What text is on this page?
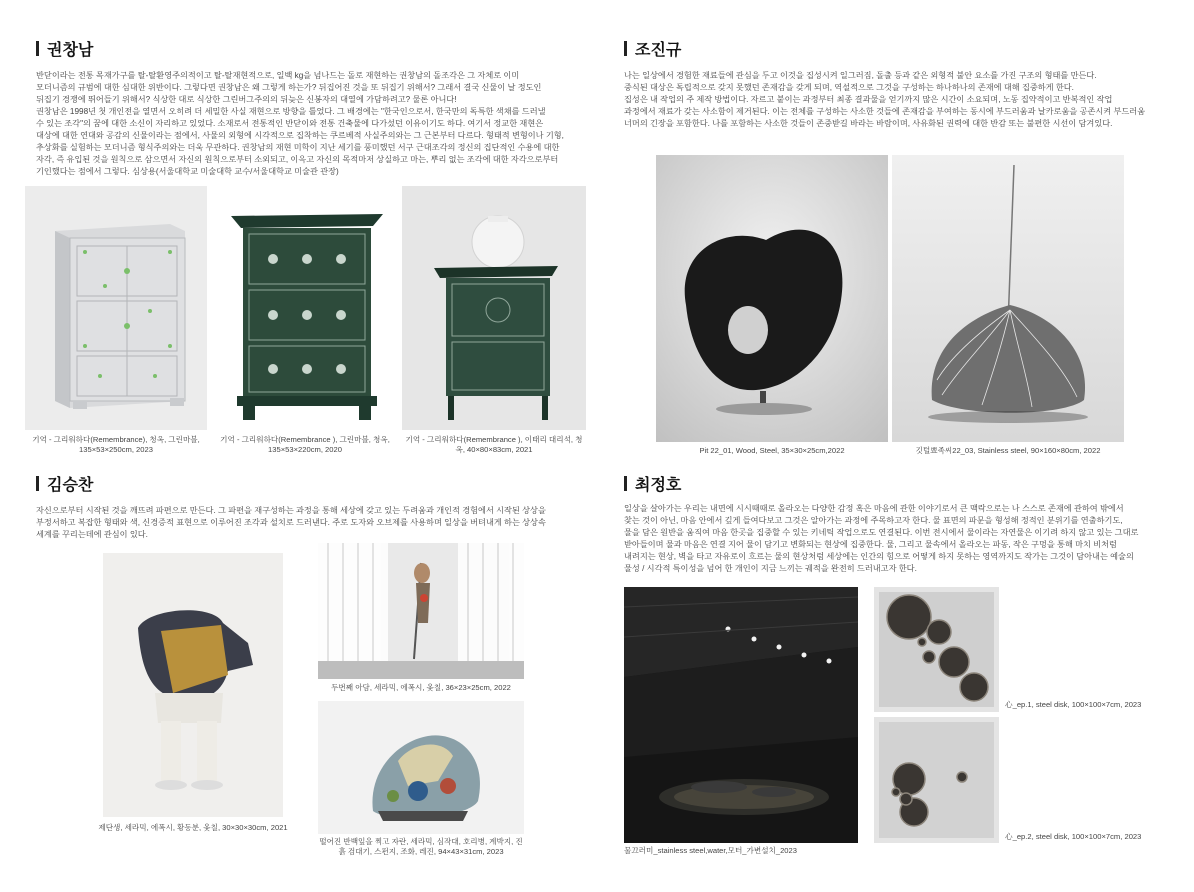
권창남

반닫이라는 전통 목재가구를 탈-탈환영주의적이고 탈-탈재현적으로, 일백 kg을 넘나드는 돌로 재현하는 권창남의 돌조각은 그 자체로 이미

모더니즘의 규범에 대한 심대한 위반이다. 그렇다면 권창남은 왜 그렇게 하는가? 뒤집어진 것을 또 뒤집기 위해서? 그래서 결국 신물이 날 정도인

뒤집기 경쟁에 뛰어들기 위해서? 식상한 대로 식상한 그린버그주의의 뒤늦은 신봉자의 대열에 가담하려고? 물론 아니다!

권창남은 1998년 첫 개인전을 열면서 오히려 더 세밀한 사실 재현으로 방향을 틀었다. 그 배경에는 "한국인으로서, 한국만의 독특한 색채를 드러낼

수 있는 조각"의 꿈에 대한 소신이 자리하고 있었다. 소재로서 전통적인 반닫이와 전통 건축물에 다가섰던 이유이기도 하다. 여기서 정교한 재현은

대상에 대한 연대와 공감의 신물이라는 점에서, 사물의 외형에 시각적으로 집착하는 쿠르베적 사실주의와는 그 근본부터 다르다. 형태적 변형이나 기형,

추상화를 실험하는 모더니즘 형식주의와는 더욱 무관하다. 권창남의 재현 미학이 지난 세기를 풍미했던 서구 근대조각의 정신의 집단적인 수용에 대한

자각, 즉 유입된 것을 원칙으로 삼으면서 자신의 원칙으로부터 소외되고, 이윽고 자신의 목적마저 상실하고 마는, 뿌리 없는 조각에 대한 자각으로부터

기인했다는 점에서 그렇다. 심상용(서울대학교 미술대학 교수/서울대학교 미술관 관장)

기억 - 그리워하다(Remembrance), 청옥, 그린마블, 135×53×250cm, 2023
기억 - 그리워하다(Remembrance ), 그린마블, 청옥, 135×53×220cm, 2020
기억 - 그리워하다(Remembrance ), 이태리 대리석, 청옥, 40×80×83cm, 2021
조진규

나는 일상에서 경험한 재료들에 관심을 두고 이것을 집성시켜 일그러짐, 돌출 등과 같은 외형적 불안 요소를 가진 구조의 형태를 만든다.

중식된 대상은 독립적으로 갖지 못했던 존재감을 갖게 되며, 역설적으로 그것을 구성하는 하나하나의 존재에 대해 집중하게 한다.

집성은 내 작업의 주 제작 방법이다. 자르고 붙이는 과정부터 최종 결과물을 얻기까지 많은 시간이 소요되며, 노동 집약적이고 반복적인 작업

과정에서 재료가 갖는 사소함이 제거된다. 이는 전체를 구성하는 사소한 것들에 존재감을 부여하는 동시에 부드러움과 날카로움을 공존시켜 부드러움

너머의 긴장을 포함한다. 나를 포함하는 사소한 것들이 존중받길 바라는 바람이며, 사유화된 권력에 대한 반감 또는 불편한 시선이 담겨있다.

Pit 22_01, Wood, Steel, 35×30×25cm,2022	깃털뾰족씨22_03, Stainless steel, 90×160×80cm, 2022
김승찬

자신으로부터 시작된 것을 깨뜨려 파편으로 만든다. 그 파편을 재구성하는 과정을 통해 세상에 갖고 있는 두려움과 개인적 경험에서 시작된 상상을

부정서하고 복잡한 형태와 색, 신경증적 표현으로 이루어진 조각과 설치로 드러낸다. 주로 도자와 오브제를 사용하며 일상을 버텨내게 하는 상상속

세계를 꾸리는데에 관심이 있다.

제단생, 세라믹, 에폭시, 황동분, 옻칠, 30×30×30cm, 2021
두번째 아담, 세라믹, 에폭시, 옻칠, 36×23×25cm, 2022
떨어진 반백잎을 찍고 자란, 세라믹, 심작대, 호리병, 계박지, 진흙 검대기, 스펀지, 조화, 레진, 94×43×31cm, 2023
최정호

일상을 살아가는 우리는 내면에 시시때때로 올라오는 다양한 감정 혹은 마음에 관한 이야기로서 큰 맥락으로는 나 스스로 존재에 관하여 밖에서

찾는 것이 아닌, 마음 안에서 깊게 들여다보고 그것은 알아가는 과정에 주목하고자 한다. 물 표면의 파문을 형성해 정적인 분위기를 연출하기도,

물을 담은 원반을 움직여 마음 한곳을 집중할 수 있는 키네틱 작업으로도 연결된다. 이번 전시에서 물이라는 자연물은 이기려 하지 않고 있는 그대로

받아들이며 물과 마음은 연결 지어 물이 담기고 변화되는 현상에 집중한다. 물, 그리고 물속에서 올라오는 파동, 작은 구멍을 통해 마치 비처럼

내려지는 현상, 벽을 타고 자유로이 흐르는 물의 현상처럼 세상에는 인간의 힘으로 어떻게 하지 못하는 영역까지도 작가는 그것이 담아내는 예술의

물성 / 시각적 특이성을 넘어 한 개인이 지금 느끼는 궤적을 완전히 드러내고자 한다.

물끄러미_stainless steel,water,모터_가변설치_2023
心_ep.1, steel disk, 100×100×7cm, 2023
心_ep.2, steel disk, 100×100×7cm, 2023
